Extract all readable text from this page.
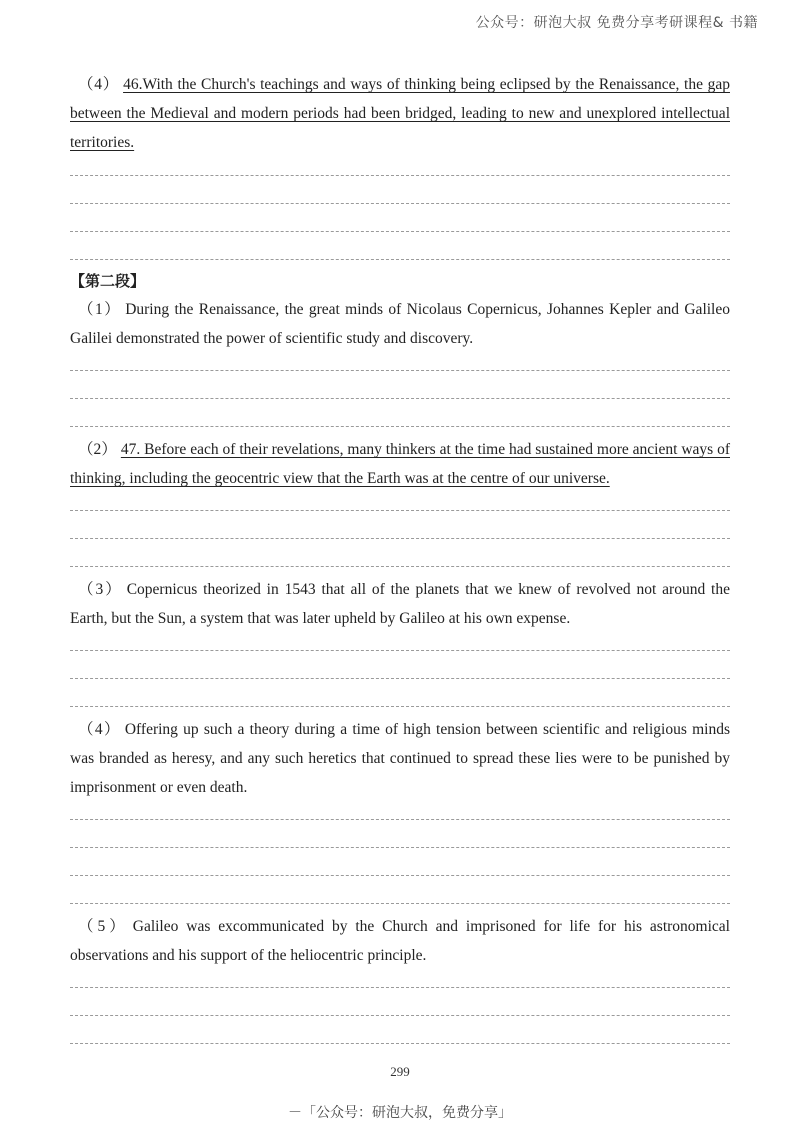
公众号：研泡大叔 免费分享考研课程& 书籍

（4） 46.With the Church's teachings and ways of thinking being eclipsed by the Renaissance, the gap between the Medieval and modern periods had been bridged, leading to new and unexplored intellectual territories.

【第二段】

（1） During the Renaissance, the great minds of Nicolaus Copernicus, Johannes Kepler and Galileo Galilei demonstrated the power of scientific study and discovery.

（2） 47. Before each of their revelations, many thinkers at the time had sustained more ancient ways of thinking, including the geocentric view that the Earth was at the centre of our universe.

（3） Copernicus theorized in 1543 that all of the planets that we knew of revolved not around the Earth, but the Sun, a system that was later upheld by Galileo at his own expense.

（4） Offering up such a theory during a time of high tension between scientific and religious minds was branded as heresy, and any such heretics that continued to spread these lies were to be punished by imprisonment or even death.

（5） Galileo was excommunicated by the Church and imprisoned for life for his astronomical observations and his support of the heliocentric principle.

299
－「公众号：研泡大叔，免费分享」
